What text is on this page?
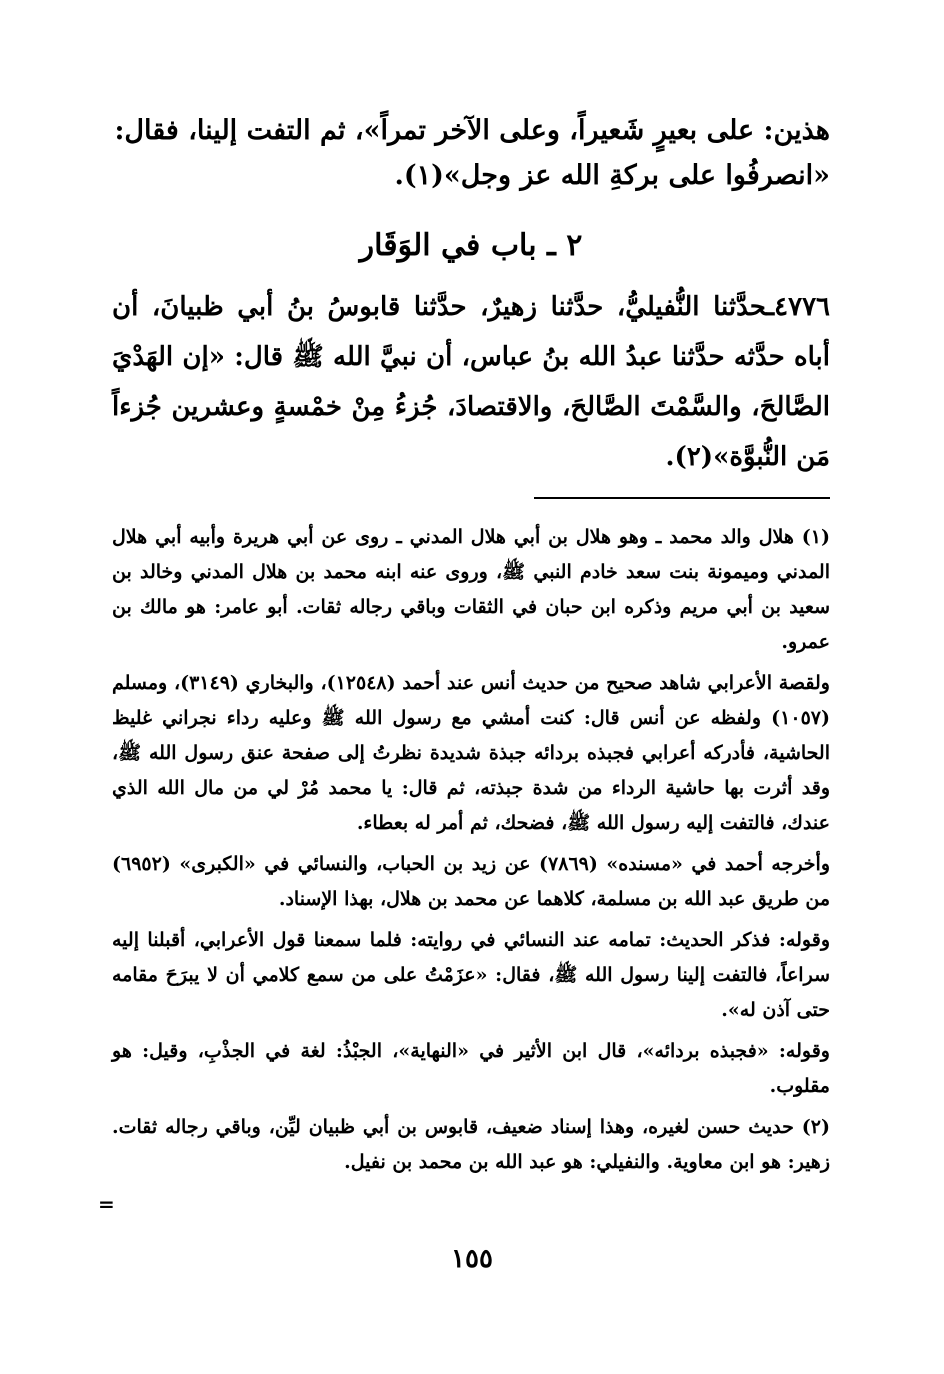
هذين: على بعيرٍ شَعيراً، وعلى الآخر تمراً»، ثم التفت إلينا، فقال:

«انصرفُوا على بركةِ الله عز وجل»(١).

٢ ـ باب في الوَقَار

٤٧٧٦ـحدَّثنا النُّفيليُّ، حدَّثنا زهيرٌ، حدَّثنا قابوسُ بنُ أبي ظبيانَ، أن أباه حدَّثه حدَّثنا عبدُ الله بنُ عباس، أن نبيَّ الله ﷺ قال: «إن الهَدْيَ الصَّالحَ، والسَّمْتَ الصَّالحَ، والاقتصادَ، جُزءُ مِنْ خمْسةٍ وعشرين جُزءاً مَن النُّبوَّة»(٢).

(١) هلال والد محمد ـ وهو هلال بن أبي هلال المدني ـ روى عن أبي هريرة وأبيه أبي هلال المدني وميمونة بنت سعد خادم النبي ﷺ، وروى عنه ابنه محمد بن هلال المدني وخالد بن سعيد بن أبي مريم وذكره ابن حبان في الثقات وباقي رجاله ثقات. أبو عامر: هو مالك بن عمرو.

ولقصة الأعرابي شاهد صحيح من حديث أنس عند أحمد (١٢٥٤٨)، والبخاري (٣١٤٩)، ومسلم (١٠٥٧) ولفظه عن أنس قال: كنت أمشي مع رسول الله ﷺ وعليه رداء نجراني غليظ الحاشية، فأدركه أعرابي فجبذه بردائه جبذة شديدة نظرتُ إلى صفحة عنق رسول الله ﷺ، وقد أثرت بها حاشية الرداء من شدة جبذته، ثم قال: يا محمد مُرْ لي من مال الله الذي عندك، فالتفت إليه رسول الله ﷺ، فضحك، ثم أمر له بعطاء.

وأخرجه أحمد في «مسنده» (٧٨٦٩) عن زيد بن الحباب، والنسائي في «الكبرى» (٦٩٥٢) من طريق عبد الله بن مسلمة، كلاهما عن محمد بن هلال، بهذا الإسناد.

وقوله: فذكر الحديث: تمامه عند النسائي في روايته: فلما سمعنا قول الأعرابي، أقبلنا إليه سراعاً، فالتفت إلينا رسول الله ﷺ، فقال: «عزَمْتُ على من سمع كلامي أن لا يبرَحَ مقامه حتى آذن له».

وقوله: «فجبذه بردائه»، قال ابن الأثير في «النهاية»، الجبْذُ: لغة في الجذْبِ، وقيل: هو مقلوب.

(٢) حديث حسن لغيره، وهذا إسناد ضعيف، قابوس بن أبي ظبيان ليِّن، وباقي رجاله ثقات. زهير: هو ابن معاوية. والنفيلي: هو عبد الله بن محمد بن نفيل.

=
١٥٥
